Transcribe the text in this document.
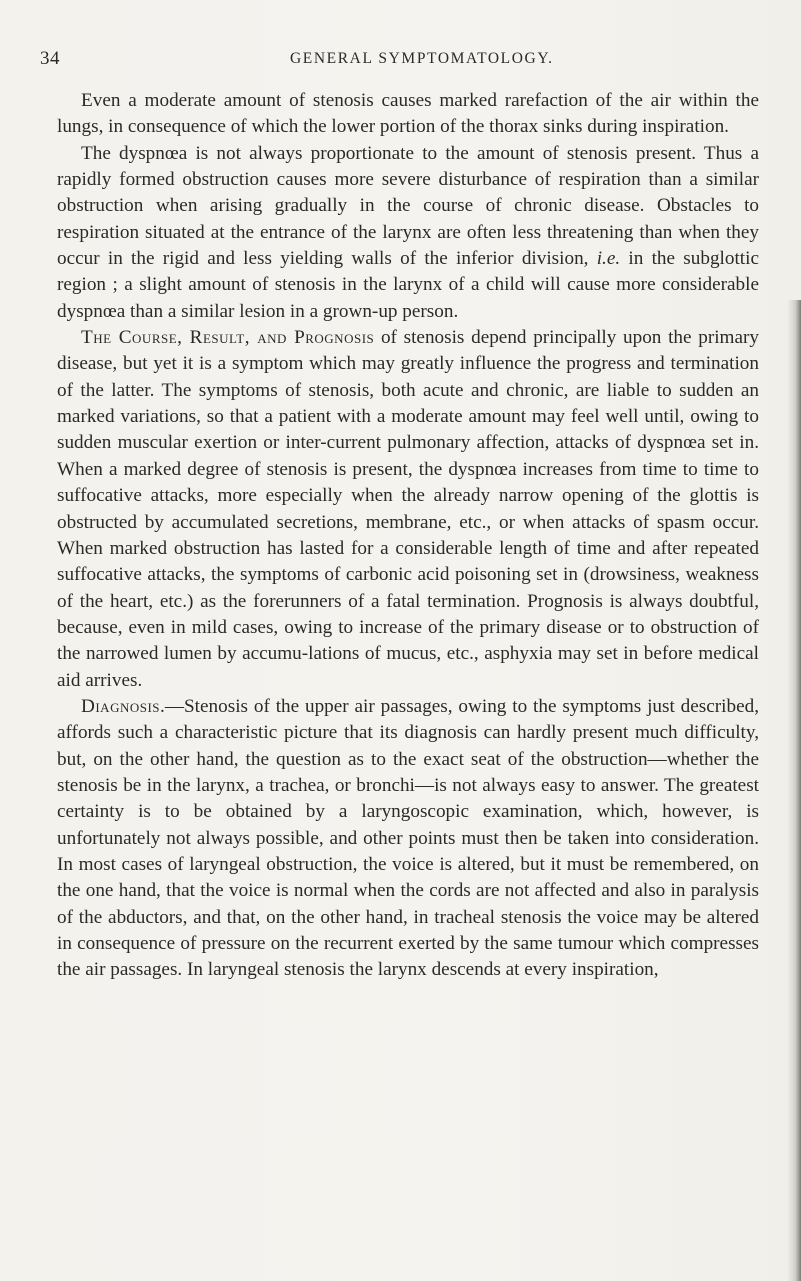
34	GENERAL SYMPTOMATOLOGY.

Even a moderate amount of stenosis causes marked rarefaction of the air within the lungs, in consequence of which the lower portion of the thorax sinks during inspiration.

The dyspnœa is not always proportionate to the amount of stenosis present. Thus a rapidly formed obstruction causes more severe disturbance of respiration than a similar obstruction when arising gradually in the course of chronic disease. Obstacles to respiration situated at the entrance of the larynx are often less threatening than when they occur in the rigid and less yielding walls of the inferior division, i.e. in the subglottic region ; a slight amount of stenosis in the larynx of a child will cause more considerable dyspnœa than a similar lesion in a grown-up person.

The Course, Result, and Prognosis of stenosis depend principally upon the primary disease, but yet it is a symptom which may greatly influence the progress and termination of the latter. The symptoms of stenosis, both acute and chronic, are liable to sudden an marked variations, so that a patient with a moderate amount may feel well until, owing to sudden muscular exertion or inter-current pulmonary affection, attacks of dyspnœa set in. When a marked degree of stenosis is present, the dyspnœa increases from time to time to suffocative attacks, more especially when the already narrow opening of the glottis is obstructed by accumulated secretions, membrane, etc., or when attacks of spasm occur. When marked obstruction has lasted for a considerable length of time and after repeated suffocative attacks, the symptoms of carbonic acid poisoning set in (drowsiness, weakness of the heart, etc.) as the forerunners of a fatal termination. Prognosis is always doubtful, because, even in mild cases, owing to increase of the primary disease or to obstruction of the narrowed lumen by accumu-lations of mucus, etc., asphyxia may set in before medical aid arrives.

Diagnosis.—Stenosis of the upper air passages, owing to the symptoms just described, affords such a characteristic picture that its diagnosis can hardly present much difficulty, but, on the other hand, the question as to the exact seat of the obstruction—whether the stenosis be in the larynx, a trachea, or bronchi—is not always easy to answer. The greatest certainty is to be obtained by a laryngoscopic examination, which, however, is unfortunately not always possible, and other points must then be taken into consideration. In most cases of laryngeal obstruction, the voice is altered, but it must be remembered, on the one hand, that the voice is normal when the cords are not affected and also in paralysis of the abductors, and that, on the other hand, in tracheal stenosis the voice may be altered in consequence of pressure on the recurrent exerted by the same tumour which compresses the air passages. In laryngeal stenosis the larynx descends at every inspiration,
